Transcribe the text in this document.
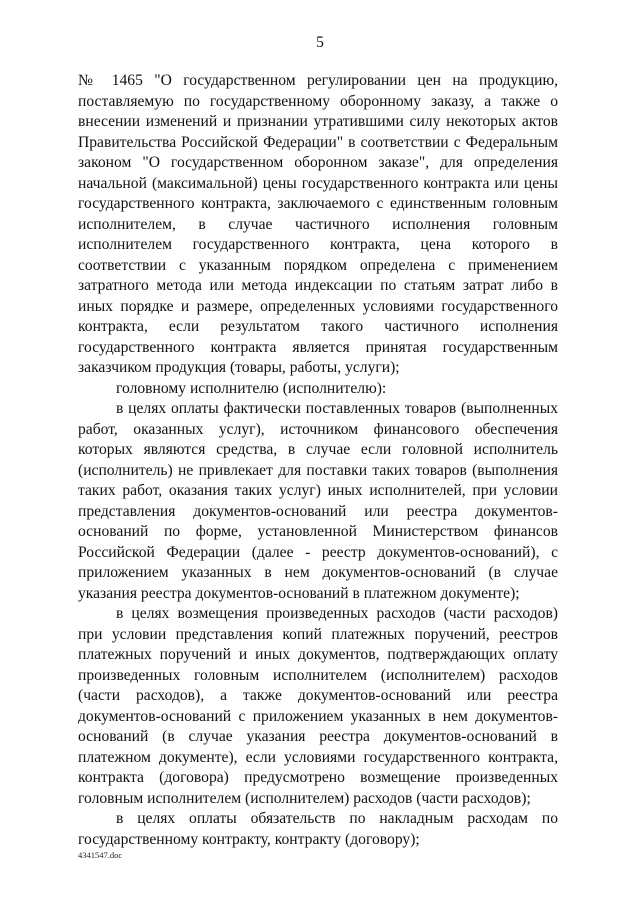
5

№ 1465 "О государственном регулировании цен на продукцию, поставляемую по государственному оборонному заказу, а также о внесении изменений и признании утратившими силу некоторых актов Правительства Российской Федерации" в соответствии с Федеральным законом "О государственном оборонном заказе", для определения начальной (максимальной) цены государственного контракта или цены государственного контракта, заключаемого с единственным головным исполнителем, в случае частичного исполнения головным исполнителем государственного контракта, цена которого в соответствии с указанным порядком определена с применением затратного метода или метода индексации по статьям затрат либо в иных порядке и размере, определенных условиями государственного контракта, если результатом такого частичного исполнения государственного контракта является принятая государственным заказчиком продукция (товары, работы, услуги);

головному исполнителю (исполнителю):

в целях оплаты фактически поставленных товаров (выполненных работ, оказанных услуг), источником финансового обеспечения которых являются средства, в случае если головной исполнитель (исполнитель) не привлекает для поставки таких товаров (выполнения таких работ, оказания таких услуг) иных исполнителей, при условии представления документов-оснований или реестра документов-оснований по форме, установленной Министерством финансов Российской Федерации (далее - реестр документов-оснований), с приложением указанных в нем документов-оснований (в случае указания реестра документов-оснований в платежном документе);

в целях возмещения произведенных расходов (части расходов) при условии представления копий платежных поручений, реестров платежных поручений и иных документов, подтверждающих оплату произведенных головным исполнителем (исполнителем) расходов (части расходов), а также документов-оснований или реестра документов-оснований с приложением указанных в нем документов-оснований (в случае указания реестра документов-оснований в платежном документе), если условиями государственного контракта, контракта (договора) предусмотрено возмещение произведенных головным исполнителем (исполнителем) расходов (части расходов);

в целях оплаты обязательств по накладным расходам по государственному контракту, контракту (договору);

4341547.doc
